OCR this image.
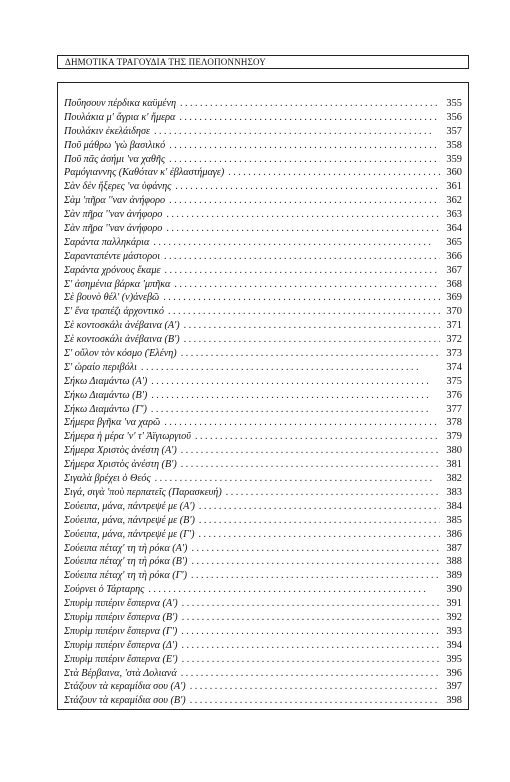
ΔΗΜΟΤΙΚΑ ΤΡΑΓΟΥΔΙΑ ΤΗΣ ΠΕΛΟΠΟΝΝΗΣΟΥ
Ποΰησουν πέρδικα καϋμένη . . .	355
Πουλάκια μ' ἄγρια κ' ἥμερα . . .	356
Πουλάκιν ἐκελάιδησε . . .	357
Ποῦ μάθρω 'γὼ βασιλικό . . .	358
Ποῦ πᾶς ἀσήμι 'να χαθῆς . . .	359
Ραμόγιαννης (Καθόταν κ' ἐβλαστήμαγε) . . .	360
Σὰν δὲν ἤξερες 'να ὑφάνης . . .	361
Σὰμ 'πῆρα ''ναν ἀνήφορο . . .	362
Σὰν πῆρα ''ναν ἀνήφορο . . .	363
Σὰν πῆρα ''ναν ἀνήφορο . . .	364
Σαράντα παλληκάρια . . .	365
Σαρανταπέντε μάστοροι . . .	366
Σαράντα χρόνους ἔκαμε . . .	367
Σ' ἀσημένια βάρκα 'μπῆκα . . .	368
Σὲ βουνὸ θέλ' (ν)ἀνεβῶ . . .	369
Σ' ἕνα τραπέζι ἀρχοντικό . . .	370
Σὲ κοντοσκάλι ἀνέβαινα (Α') . . .	371
Σὲ κοντοσκάλι ἀνέβαινα (Β') . . .	372
Σ' οὔλον τὸν κόσμο (Ἑλένη) . . .	373
Σ' ὡραίο περιβόλι . . .	374
Σήκω Διαμάντω (Α') . . .	375
Σήκω Διαμάντω (Β') . . .	376
Σήκω Διαμάντω (Γ') . . .	377
Σήμερα βγῆκα 'να χαρῶ . . .	378
Σήμερα ἡ μέρα 'ν' τ' Ἀϊγιωργιοῦ . . .	379
Σήμερα Χριστὸς ἀνέστη (Α') . . .	380
Σήμερα Χριστὸς ἀνέστη (Β') . . .	381
Σιγαλὰ βρέχει ὁ Θεός . . .	382
Σιγά, σιγὰ 'ποὺ περπατεῖς (Παρασκευή) . . .	383
Σούειπα, μάνα, πάντρεψέ με (Α') . . .	384
Σούειπα, μάνα, πάντρεψέ με (Β') . . .	385
Σούειπα, μάνα, πάντρεψέ με (Γ') . . .	386
Σούειπα πέταχ' τη τὴ ρόκα (Α') . . .	387
Σούειπα πέταχ' τη τὴ ρόκα (Β') . . .	388
Σούειπα πέταχ' τη τὴ ρόκα (Γ') . . .	389
Σούρνει ὁ Τάρταρης . . .	390
Σπυρὶμ πιπέριν ἔσπερνα (Α') . . .	391
Σπυρὶμ πιπέριν ἔσπερνα (Β') . . .	392
Σπυρὶμ πιπέριν ἔσπερνα (Γ') . . .	393
Σπυρὶμ πιπέριν ἔσπερνα (Δ') . . .	394
Σπυρὶμ πιπέριν ἔσπερνα (Ε') . . .	395
Στὰ Βέρβαινα, 'στὰ Δολιανά . . .	396
Στάζουν τὰ κεραμίδια σου (Α') . . .	397
Στάζουν τὰ κεραμίδια σου (Β') . . .	398
